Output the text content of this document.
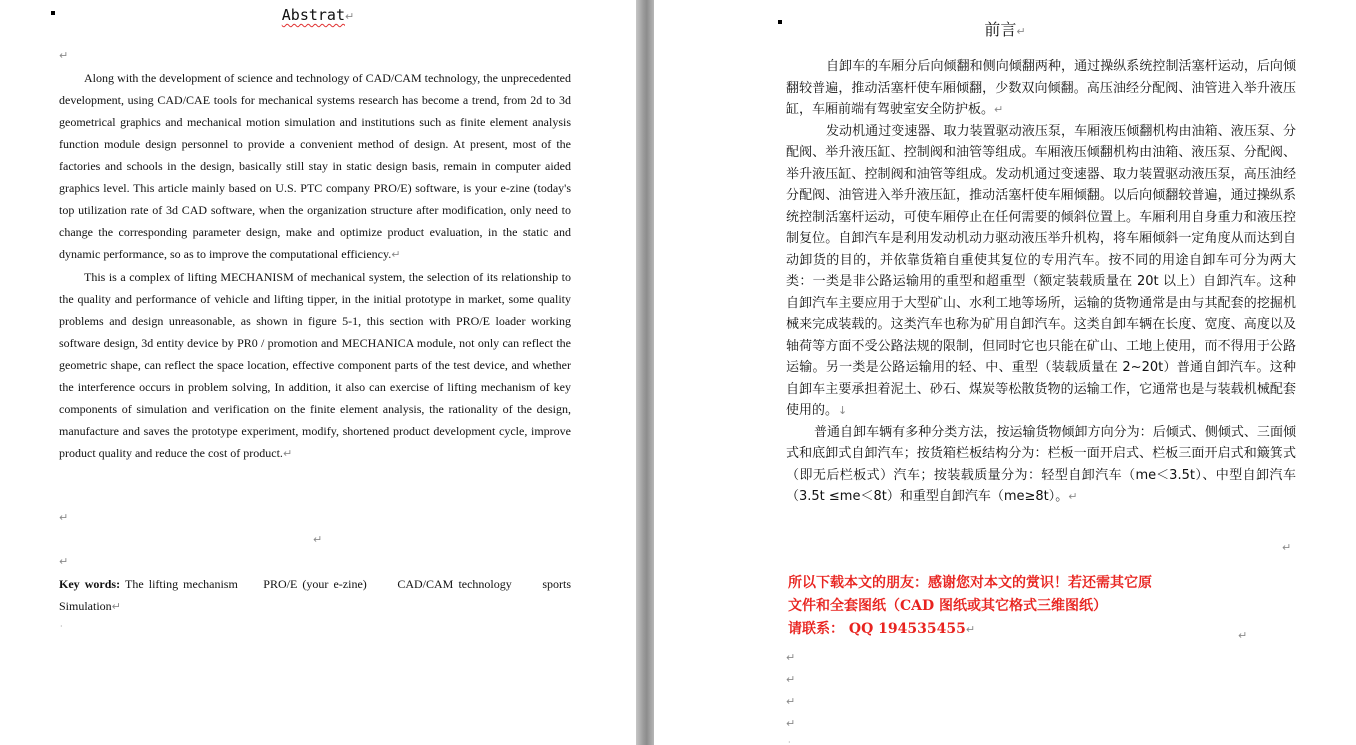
Abstrat↵
↵

Along with the development of science and technology of CAD/CAM technology, the unprecedented development, using CAD/CAE tools for mechanical systems research has become a trend, from 2d to 3d geometrical graphics and mechanical motion simulation and institutions such as finite element analysis function module design personnel to provide a convenient method of design. At present, most of the factories and schools in the design, basically still stay in static design basis, remain in computer aided graphics level. This article mainly based on U.S. PTC company PRO/E) software, is your e-zine (today's top utilization rate of 3d CAD software, when the organization structure after modification, only need to change the corresponding parameter design, make and optimize product evaluation, in the static and dynamic performance, so as to improve the computational efficiency.↵

This is a complex of lifting MECHANISM of mechanical system, the selection of its relationship to the quality and performance of vehicle and lifting tipper, in the initial prototype in market, some quality problems and design unreasonable, as shown in figure 5-1, this section with PRO/E loader working software design, 3d entity device by PR0 / promotion and MECHANICA module, not only can reflect the geometric shape, can reflect the space location, effective component parts of the test device, and whether the interference occurs in problem solving, In addition, it also can exercise of lifting mechanism of key components of simulation and verification on the finite element analysis, the rationality of the design, manufacture and saves the prototype experiment, modify, shortened product development cycle, improve product quality and reduce the cost of product.↵

↵
↵
↵
Key words: The lifting mechanism     PRO/E (your e-zine)      CAD/CAM technology      sports Simulation↵
·
前言↵

自卸车的车厢分后向倾翻和侧向倾翻两种，通过操纵系统控制活塞杆运动，后向倾翻较普遍，推动活塞杆使车厢倾翻，少数双向倾翻。高压油经分配阀、油管进入举升液压缸，车厢前端有驾驶室安全防护板。↵

发动机通过变速器、取力装置驱动液压泵，车厢液压倾翻机构由油箱、液压泵、分配阀、举升液压缸、控制阀和油管等组成。车厢液压倾翻机构由油箱、液压泵、分配阀、举升液压缸、控制阀和油管等组成。发动机通过变速器、取力装置驱动液压泵，高压油经分配阀、油管进入举升液压缸，推动活塞杆使车厢倾翻。以后向倾翻较普遍，通过操纵系统控制活塞杆运动，可使车厢停止在任何需要的倾斜位置上。车厢利用自身重力和液压控制复位。自卸汽车是利用发动机动力驱动液压举升机构，将车厢倾斜一定角度从而达到自动卸货的目的，并依靠货箱自重使其复位的专用汽车。按不同的用途自卸车可分为两大类：一类是非公路运输用的重型和超重型（额定装载质量在 20t 以上）自卸汽车。这种自卸汽车主要应用于大型矿山、水利工地等场所，运输的货物通常是由与其配套的挖掘机械来完成装载的。这类汽车也称为矿用自卸汽车。这类自卸车辆在长度、宽度、高度以及轴荷等方面不受公路法规的限制，但同时它也只能在矿山、工地上使用，而不得用于公路运输。另一类是公路运输用的轻、中、重型（装载质量在 2~20t）普通自卸汽车。这种自卸车主要承担着泥土、砂石、煤炭等松散货物的运输工作，它通常也是与装载机械配套使用的。↓

普通自卸车辆有多种分类方法，按运输货物倾卸方向分为：后倾式、侧倾式、三面倾式和底卸式自卸汽车；按货箱栏板结构分为：栏板一面开启式、栏板三面开启式和簸箕式（即无后栏板式）汽车；按装载质量分为：轻型自卸汽车（me＜3.5t）、中型自卸汽车（3.5t ≤me＜8t）和重型自卸汽车（me≥8t）。↵

↵
所以下载本文的朋友：感谢您对本文的赏识！若还需其它原
文件和全套图纸（CAD 图纸或其它格式三维图纸）
请联系： QQ 194535455↵	↵
↵
↵
↵
↵
·
